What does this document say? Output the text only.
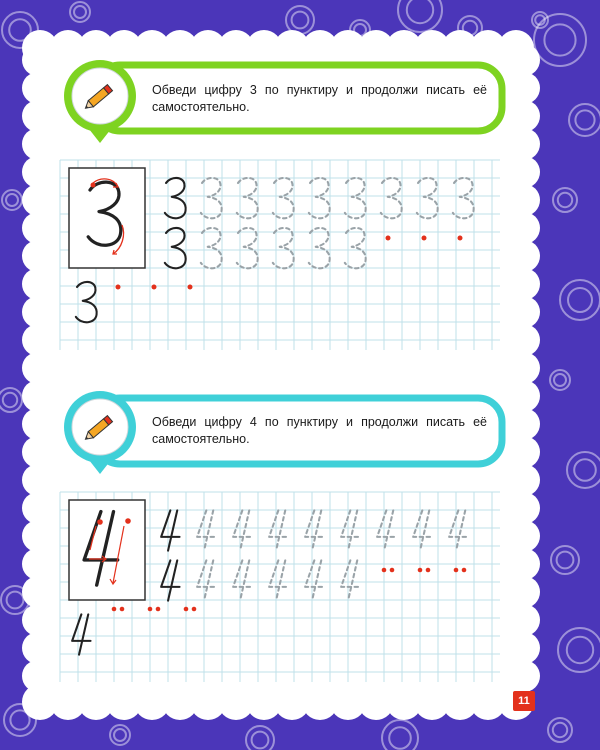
Обведи цифру 3 по пунктиру и продолжи писать её самостоятельно.
Обведи цифру 4 по пунктиру и продолжи писать её самостоятельно.
11
